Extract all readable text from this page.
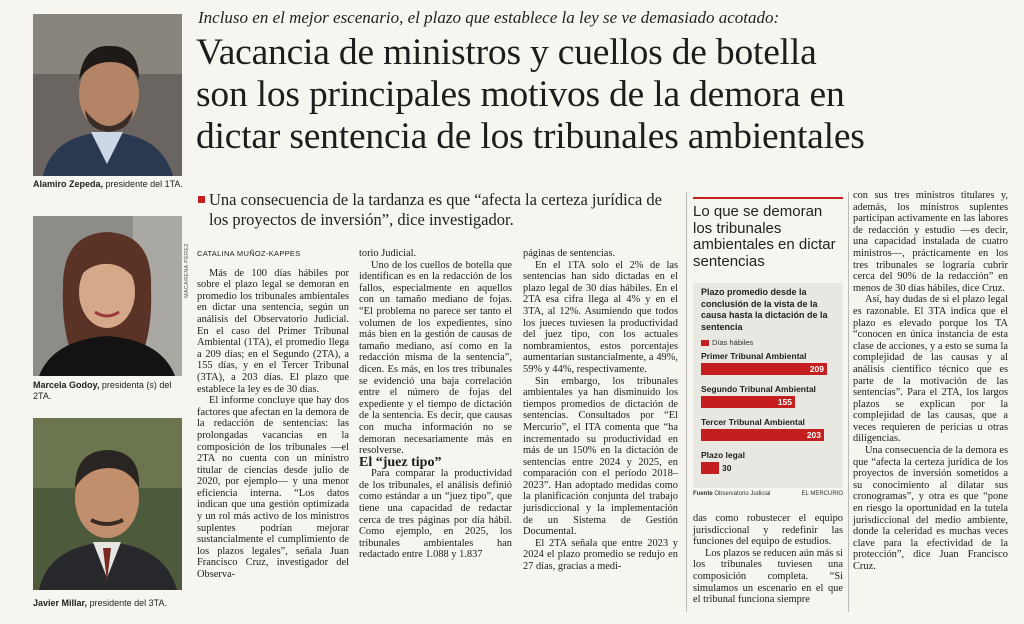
Alamiro Zepeda, presidente del 1TA.
MACARENA PÉREZ
Marcela Godoy, presidenta (s) del 2TA.
Javier Millar, presidente del 3TA.
Incluso en el mejor escenario, el plazo que establece la ley se ve demasiado acotado:
Vacancia de ministros y cuellos de botella
son los principales motivos de la demora en
dictar sentencia de los tribunales ambientales
Una consecuencia de la tardanza es que “afecta la certeza jurídica de los proyectos de inversión”, dice investigador.

CATALINA MUÑOZ-KAPPES

Más de 100 días hábiles por sobre el plazo legal se demoran en promedio los tribunales ambientales en dictar una sentencia, según un análisis del Observatorio Judicial. En el caso del Primer Tribunal Ambiental (1TA), el promedio llega a 209 días; en el Segundo (2TA), a 155 días, y en el Tercer Tribunal (3TA), a 203 días. El plazo que establece la ley es de 30 días.

El informe concluye que hay dos factores que afectan en la demora de la redacción de sentencias: las prolongadas vacancias en la composición de los tribunales —el 2TA no cuenta con un ministro titular de ciencias desde julio de 2020, por ejemplo— y una menor eficiencia interna. “Los datos indican que una gestión optimizada y un rol más activo de los ministros suplentes podrían mejorar sustancialmente el cumplimiento de los plazos legales”, señala Juan Francisco Cruz, investigador del Observa-

torio Judicial.

Uno de los cuellos de botella que identifican es en la redacción de los fallos, especialmente en aquellos con un tamaño mediano de fojas. “El problema no parece ser tanto el volumen de los expedientes, sino más bien en la gestión de causas de tamaño mediano, así como en la redacción misma de la sentencia”, dicen. Es más, en los tres tribunales se evidenció una baja correlación entre el número de fojas del expediente y el tiempo de dictación de la sentencia. Es decir, que causas con mucha información no se demoran necesariamente más en resolverse.

El “juez tipo”

Para comparar la productividad de los tribunales, el análisis definió como estándar a un “juez tipo”, que tiene una capacidad de redactar cerca de tres páginas por día hábil. Como ejemplo, en 2025, los tribunales ambientales han redactado entre 1.088 y 1.837

páginas de sentencias.

En el 1TA solo el 2% de las sentencias han sido dictadas en el plazo legal de 30 días hábiles. En el 2TA esa cifra llega al 4% y en el 3TA, al 12%. Asumiendo que todos los jueces tuviesen la productividad del juez tipo, con los actuales nombramientos, estos porcentajes aumentarían sustancialmente, a 49%, 59% y 44%, respectivamente.

Sin embargo, los tribunales ambientales ya han disminuido los tiempos promedios de dictación de sentencias. Consultados por “El Mercurio”, el ITA comenta que “ha incrementado su productividad en más de un 150% en la dictación de sentencias entre 2024 y 2025, en comparación con el período 2018–2023”. Han adoptado medidas como la planificación conjunta del trabajo jurisdiccional y la implementación de un Sistema de Gestión Documental.

El 2TA señala que entre 2023 y 2024 el plazo promedio se redujo en 27 días, gracias a medi-

Lo que se demoran los tribunales ambientales en dictar sentencias
Plazo promedio desde la conclusión de la vista de la causa hasta la dictación de la sentencia
Días hábiles
Primer Tribunal Ambiental
209
Segundo Tribunal Ambiental
155
Tercer Tribunal Ambiental
203
Plazo legal
30
Fuente Observatorio Judicial	EL MERCURIO

das como robustecer el equipo jurisdiccional y redefinir las funciones del equipo de estudios.

Los plazos se reducen aún más si los tribunales tuviesen una composición completa. “Si simulamos un escenario en el que el tribunal funciona siempre

con sus tres ministros titulares y, además, los ministros suplentes participan activamente en las labores de redacción y estudio —es decir, una capacidad instalada de cuatro ministros—, prácticamente en los tres tribunales se lograría cubrir cerca del 90% de la redacción” en menos de 30 días hábiles, dice Cruz.

Así, hay dudas de si el plazo legal es razonable. El 3TA indica que el plazo es elevado porque los TA “conocen en única instancia de esta clase de acciones, y a esto se suma la complejidad de las causas y al análisis científico técnico que es parte de la motivación de las sentencias”. Para el 2TA, los largos plazos se explican por la complejidad de las causas, que a veces requieren de pericias u otras diligencias.

Una consecuencia de la demora es que “afecta la certeza jurídica de los proyectos de inversión sometidos a su conocimiento al dilatar sus cronogramas”, y otra es que “pone en riesgo la oportunidad en la tutela jurisdiccional del medio ambiente, donde la celeridad es muchas veces clave para la efectividad de la protección”, dice Juan Francisco Cruz.
